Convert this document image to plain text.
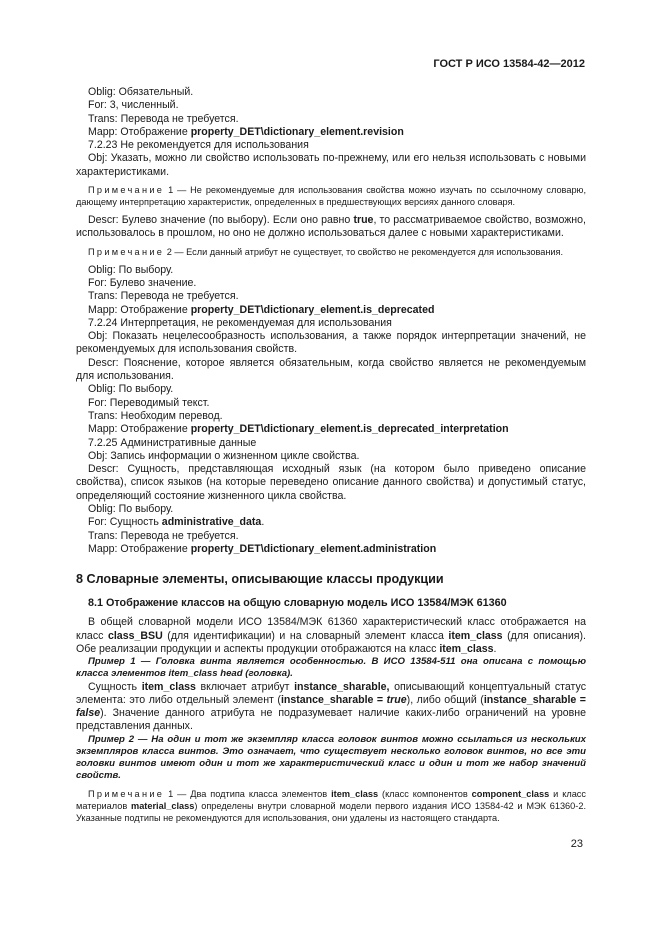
ГОСТ Р ИСО 13584-42—2012
Oblig: Обязательный.
For: 3, численный.
Trans: Перевода не требуется.
Mapp: Отображение property_DET\dictionary_element.revision
7.2.23 Не рекомендуется для использования
Obj: Указать, можно ли свойство использовать по-прежнему, или его нельзя использовать с новыми характеристиками.
Примечание 1 — Не рекомендуемые для использования свойства можно изучать по ссылочному словарю, дающему интерпретацию характеристик, определенных в предшествующих версиях данного словаря.
Descr: Булево значение (по выбору). Если оно равно true, то рассматриваемое свойство, возможно, использовалось в прошлом, но оно не должно использоваться далее с новыми характеристиками.
Примечание 2 — Если данный атрибут не существует, то свойство не рекомендуется для использования.
Oblig: По выбору.
For: Булево значение.
Trans: Перевода не требуется.
Mapp: Отображение property_DET\dictionary_element.is_deprecated
7.2.24 Интерпретация, не рекомендуемая для использования
Obj: Показать нецелесообразность использования, а также порядок интерпретации значений, не рекомендуемых для использования свойств.
Descr: Пояснение, которое является обязательным, когда свойство является не рекомендуемым для использования.
Oblig: По выбору.
For: Переводимый текст.
Trans: Необходим перевод.
Mapp: Отображение property_DET\dictionary_element.is_deprecated_interpretation
7.2.25 Административные данные
Obj: Запись информации о жизненном цикле свойства.
Descr: Сущность, представляющая исходный язык (на котором было приведено описание свойства), список языков (на которые переведено описание данного свойства) и допустимый статус, определяющий состояние жизненного цикла свойства.
Oblig: По выбору.
For: Сущность administrative_data.
Trans: Перевода не требуется.
Mapp: Отображение property_DET\dictionary_element.administration
8 Словарные элементы, описывающие классы продукции
8.1 Отображение классов на общую словарную модель ИСО 13584/МЭК 61360
В общей словарной модели ИСО 13584/МЭК 61360 характеристический класс отображается на класс class_BSU (для идентификации) и на словарный элемент класса item_class (для описания). Обе реализации продукции и аспекты продукции отображаются на класс item_class.
Пример 1 — Головка винта является особенностью. В ИСО 13584-511 она описана с помощью класса элементов item_class head (головка).
Сущность item_class включает атрибут instance_sharable, описывающий концептуальный статус элемента: это либо отдельный элемент (instance_sharable = true), либо общий (instance_sharable = false). Значение данного атрибута не подразумевает наличие каких-либо ограничений на уровне представления данных.
Пример 2 — На один и тот же экземпляр класса головок винтов можно ссылаться из нескольких экземпляров класса винтов. Это означает, что существует несколько головок винтов, но все эти головки винтов имеют один и тот же характеристический класс и один и тот же набор значений свойств.
Примечание 1 — Два подтипа класса элементов item_class (класс компонентов component_class и класс материалов material_class) определены внутри словарной модели первого издания ИСО 13584-42 и МЭК 61360-2. Указанные подтипы не рекомендуются для использования, они удалены из настоящего стандарта.
23
